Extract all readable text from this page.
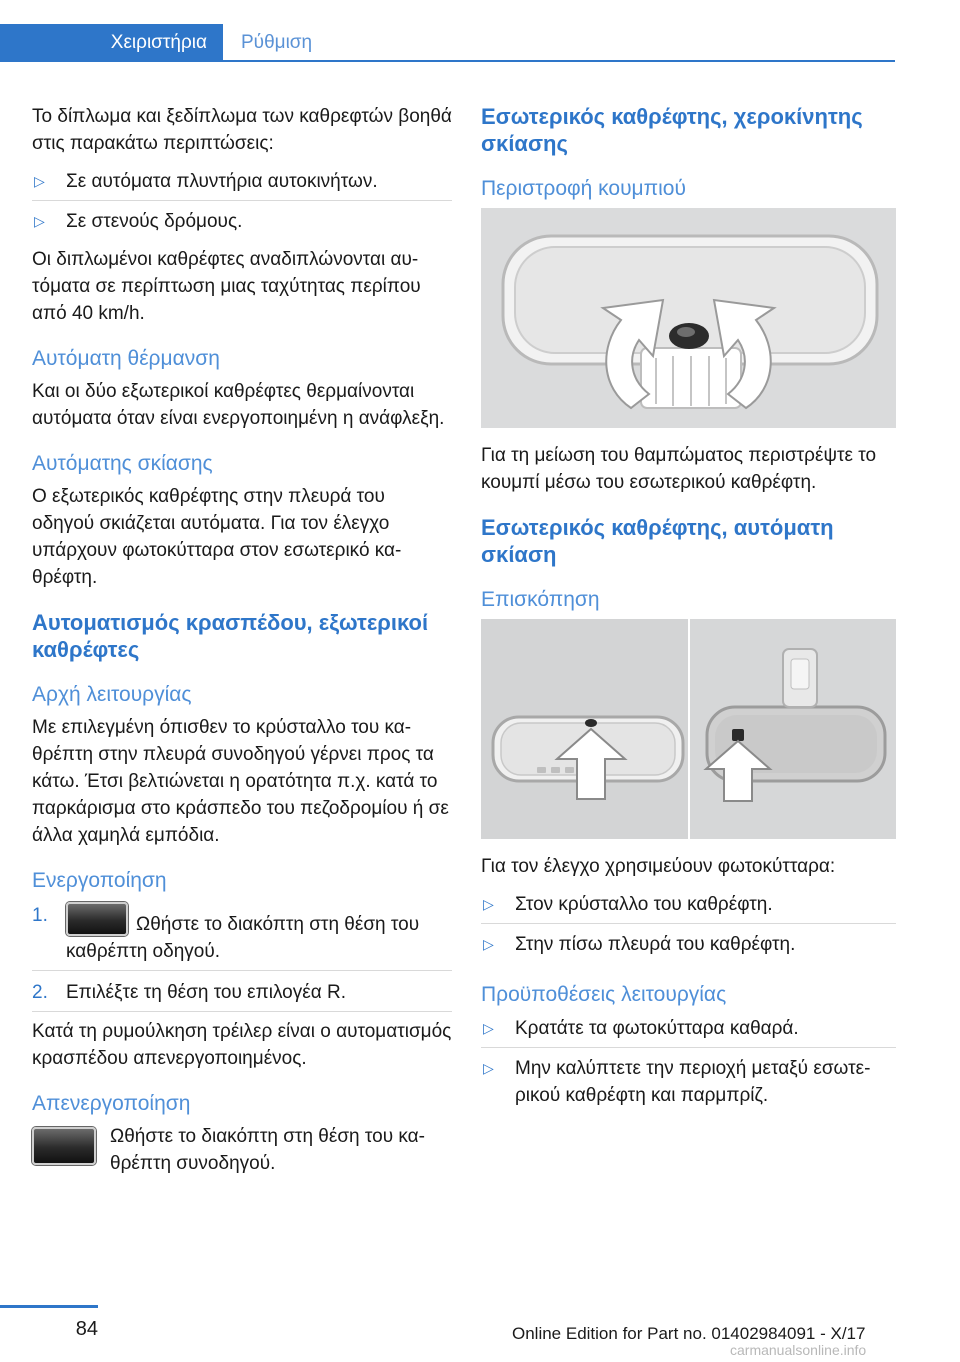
Χειριστήρια	Ρύθμιση

Το δίπλωμα και ξεδίπλωμα των καθρεφτών βοηθά στις παρακάτω περιπτώσεις:

▷	Σε αυτόματα πλυντήρια αυτοκινήτων.
▷	Σε στενούς δρόμους.

Οι διπλωμένοι καθρέφτες αναδιπλώνονται αυτόματα σε περίπτωση μιας ταχύτητας περίπου από 40 km/h.

Αυτόματη θέρμανση

Και οι δύο εξωτερικοί καθρέφτες θερμαίνονται αυτόματα όταν είναι ενεργοποιημένη η ανάφλεξη.

Αυτόματης σκίασης

Ο εξωτερικός καθρέφτης στην πλευρά του οδηγού σκιάζεται αυτόματα. Για τον έλεγχο υπάρχουν φωτοκύτταρα στον εσωτερικό καθρέφτη.

Αυτοματισμός κρασπέδου, εξωτερικοί καθρέφτες
Αρχή λειτουργίας

Με επιλεγμένη όπισθεν το κρύσταλλο του καθρέπτη στην πλευρά συνοδηγού γέρνει προς τα κάτω. Έτσι βελτιώνεται η ορατότητα π.χ. κατά το παρκάρισμα στο κράσπεδο του πεζοδρομίου ή σε άλλα χαμηλά εμπόδια.

Ενεργοποίηση
1.	Ωθήστε το διακόπτη στη θέση του καθρέπτη οδηγού.
2. Επιλέξτε τη θέση του επιλογέα R.

Κατά τη ρυμούλκηση τρέιλερ είναι ο αυτοματισμός κρασπέδου απενεργοποιημένος.

Απενεργοποίηση

Ωθήστε το διακόπτη στη θέση του καθρέπτη συνοδηγού.

Εσωτερικός καθρέφτης, χεροκίνητης σκίασης
Περιστροφή κουμπιού

Για τη μείωση του θαμπώματος περιστρέψτε το κουμπί μέσω του εσωτερικού καθρέφτη.

Εσωτερικός καθρέφτης, αυτόματη σκίαση
Επισκόπηση

Για τον έλεγχο χρησιμεύουν φωτοκύτταρα:

▷	Στον κρύσταλλο του καθρέφτη.
▷	Στην πίσω πλευρά του καθρέφτη.
Προϋποθέσεις λειτουργίας
▷	Κρατάτε τα φωτοκύτταρα καθαρά.
▷	Μην καλύπτετε την περιοχή μεταξύ εσωτερικού καθρέφτη και παρμπρίζ.
84	Online Edition for Part no. 01402984091 - X/17
carmanualsonline.info
